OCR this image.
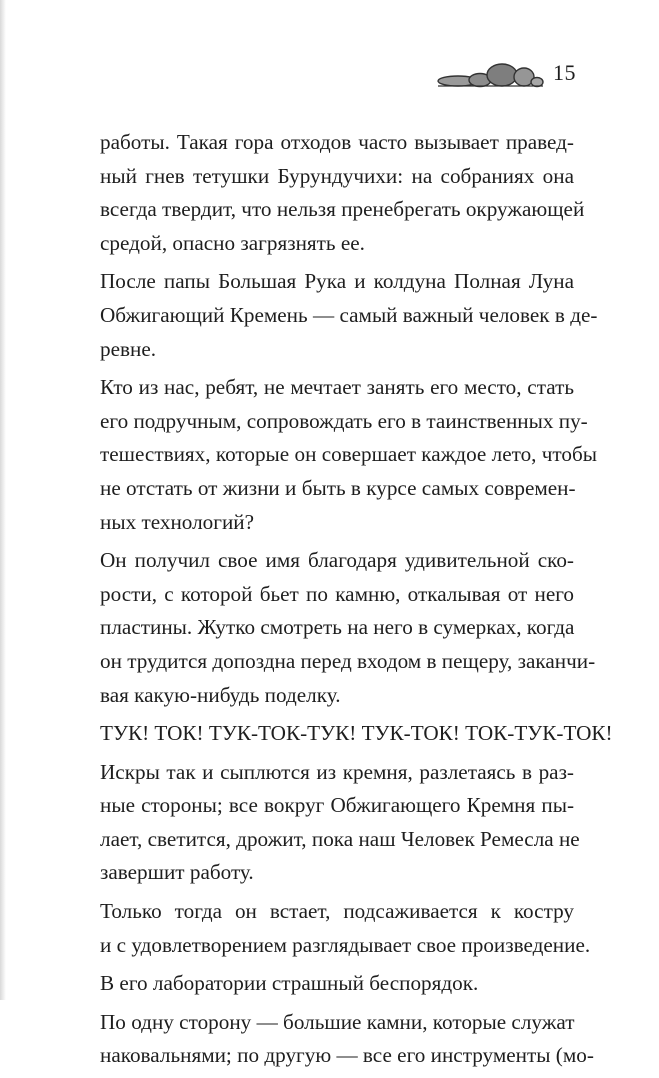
15
работы. Такая гора отходов часто вызывает правед-
ный гнев тетушки Бурундучихи: на собраниях она
всегда твердит, что нельзя пренебрегать окружающей
средой, опасно загрязнять ее.
После папы Большая Рука и колдуна Полная Луна
Обжигающий Кремень — самый важный человек в де-
ревне.
Кто из нас, ребят, не мечтает занять его место, стать
его подручным, сопровождать его в таинственных пу-
тешествиях, которые он совершает каждое лето, чтобы
не отстать от жизни и быть в курсе самых современ-
ных технологий?
Он получил свое имя благодаря удивительной ско-
рости, с которой бьет по камню, откалывая от него
пластины. Жутко смотреть на него в сумерках, когда
он трудится допоздна перед входом в пещеру, заканчи-
вая какую-нибудь поделку.
ТУК! ТОК! ТУК-ТОК-ТУК! ТУК-ТОК! ТОК-ТУК-ТОК!
Искры так и сыплются из кремня, разлетаясь в раз-
ные стороны; все вокруг Обжигающего Кремня пы-
лает, светится, дрожит, пока наш Человек Ремесла не
завершит работу.
Только тогда он встает, подсаживается к костру
и с удовлетворением разглядывает свое произведение.
В его лаборатории страшный беспорядок.
По одну сторону — большие камни, которые служат
наковальнями; по другую — все его инструменты (мо-
